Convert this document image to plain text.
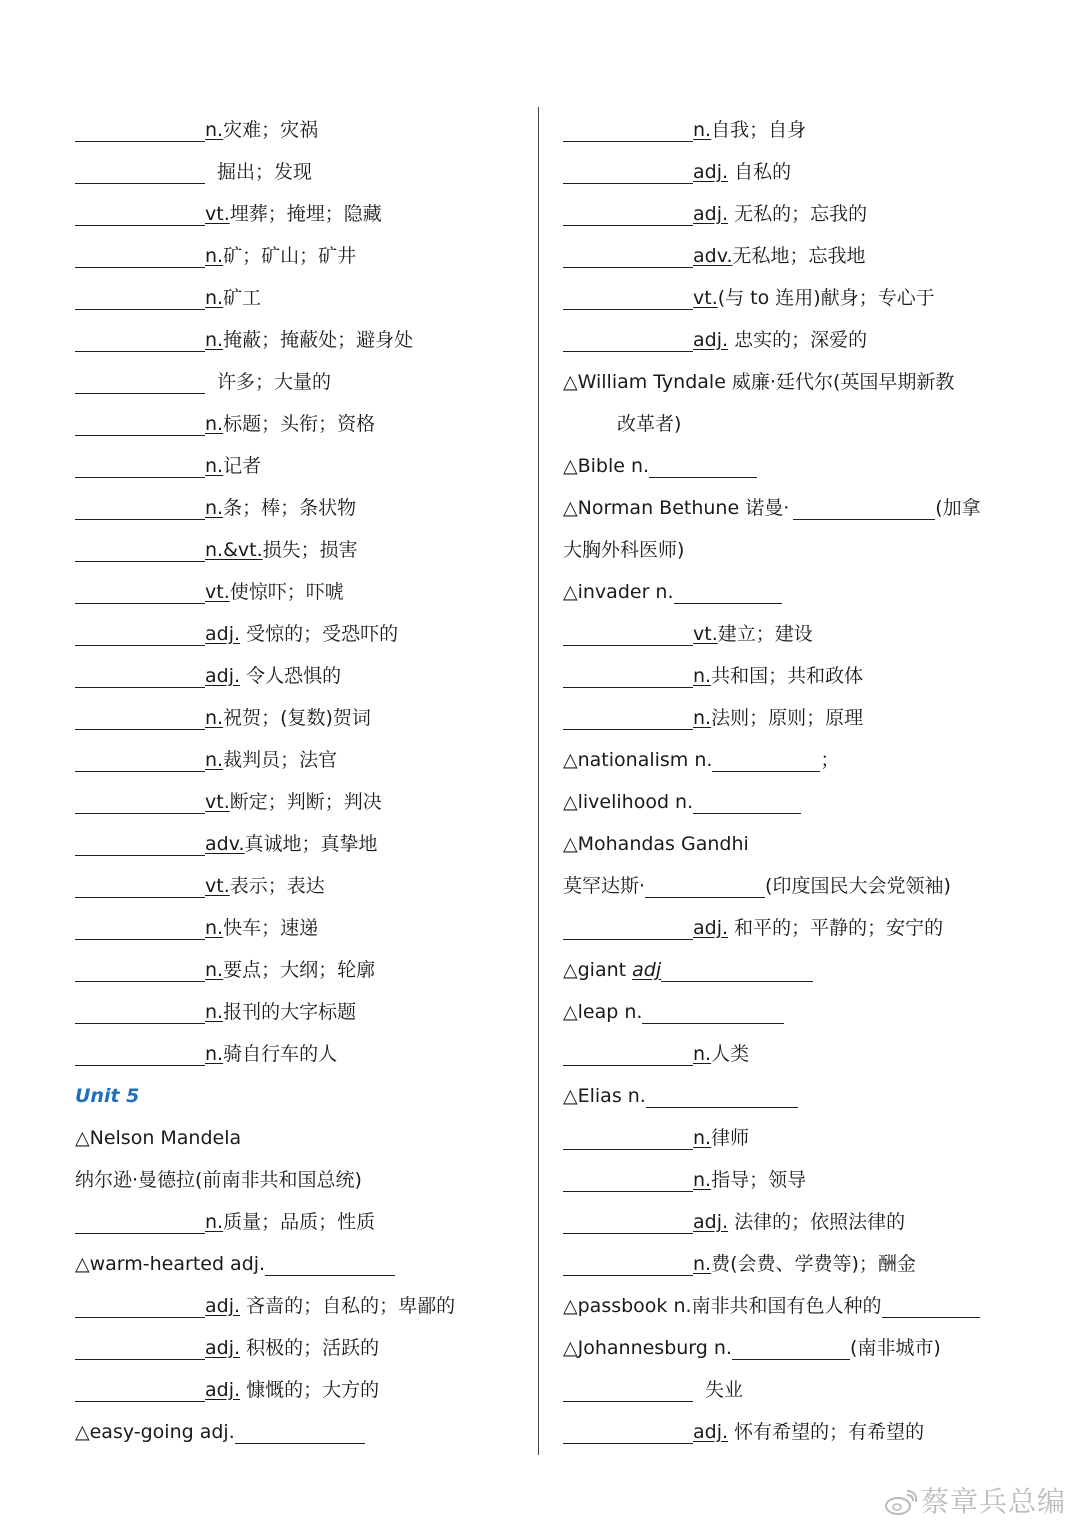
n.灾难；灾祸
掘出；发现
vt.埋葬；掩埋；隐藏
n.矿；矿山；矿井
n.矿工
n.掩蔽；掩蔽处；避身处
许多；大量的
n.标题；头衔；资格
n.记者
n.条；棒；条状物
n.&vt.损失；损害
vt.使惊吓；吓唬
adj. 受惊的；受恐吓的
adj. 令人恐惧的
n.祝贺；(复数)贺词
n.裁判员；法官
vt.断定；判断；判决
adv.真诚地；真挚地
vt.表示；表达
n.快车；速递
n.要点；大纲；轮廓
n.报刊的大字标题
n.骑自行车的人
Unit 5
△Nelson Mandela
纳尔逊·曼德拉(前南非共和国总统)
n.质量；品质；性质
△warm-hearted adj.
adj. 吝啬的；自私的；卑鄙的
adj. 积极的；活跃的
adj. 慷慨的；大方的
△easy-going adj.
n.自我；自身
adj. 自私的
adj. 无私的；忘我的
adv.无私地；忘我地
vt.(与 to 连用)献身；专心于
adj. 忠实的；深爱的
△William Tyndale 威廉·廷代尔(英国早期新教
改革者)
△Bible n.
△Norman Bethune 诺曼·	(加拿
大胸外科医师)
△invader n.
vt.建立；建设
n.共和国；共和政体
n.法则；原则；原理
△nationalism n.	；
△livelihood n.
△Mohandas Gandhi
莫罕达斯·	(印度国民大会党领袖)
adj. 和平的；平静的；安宁的
△giant adj
△leap n.
n.人类
△Elias n.
n.律师
n.指导；领导
adj. 法律的；依照法律的
n.费(会费、学费等)；酬金
△passbook n.南非共和国有色人种的
△Johannesburg n.	(南非城市)
失业
adj. 怀有希望的；有希望的
蔡章兵总编
